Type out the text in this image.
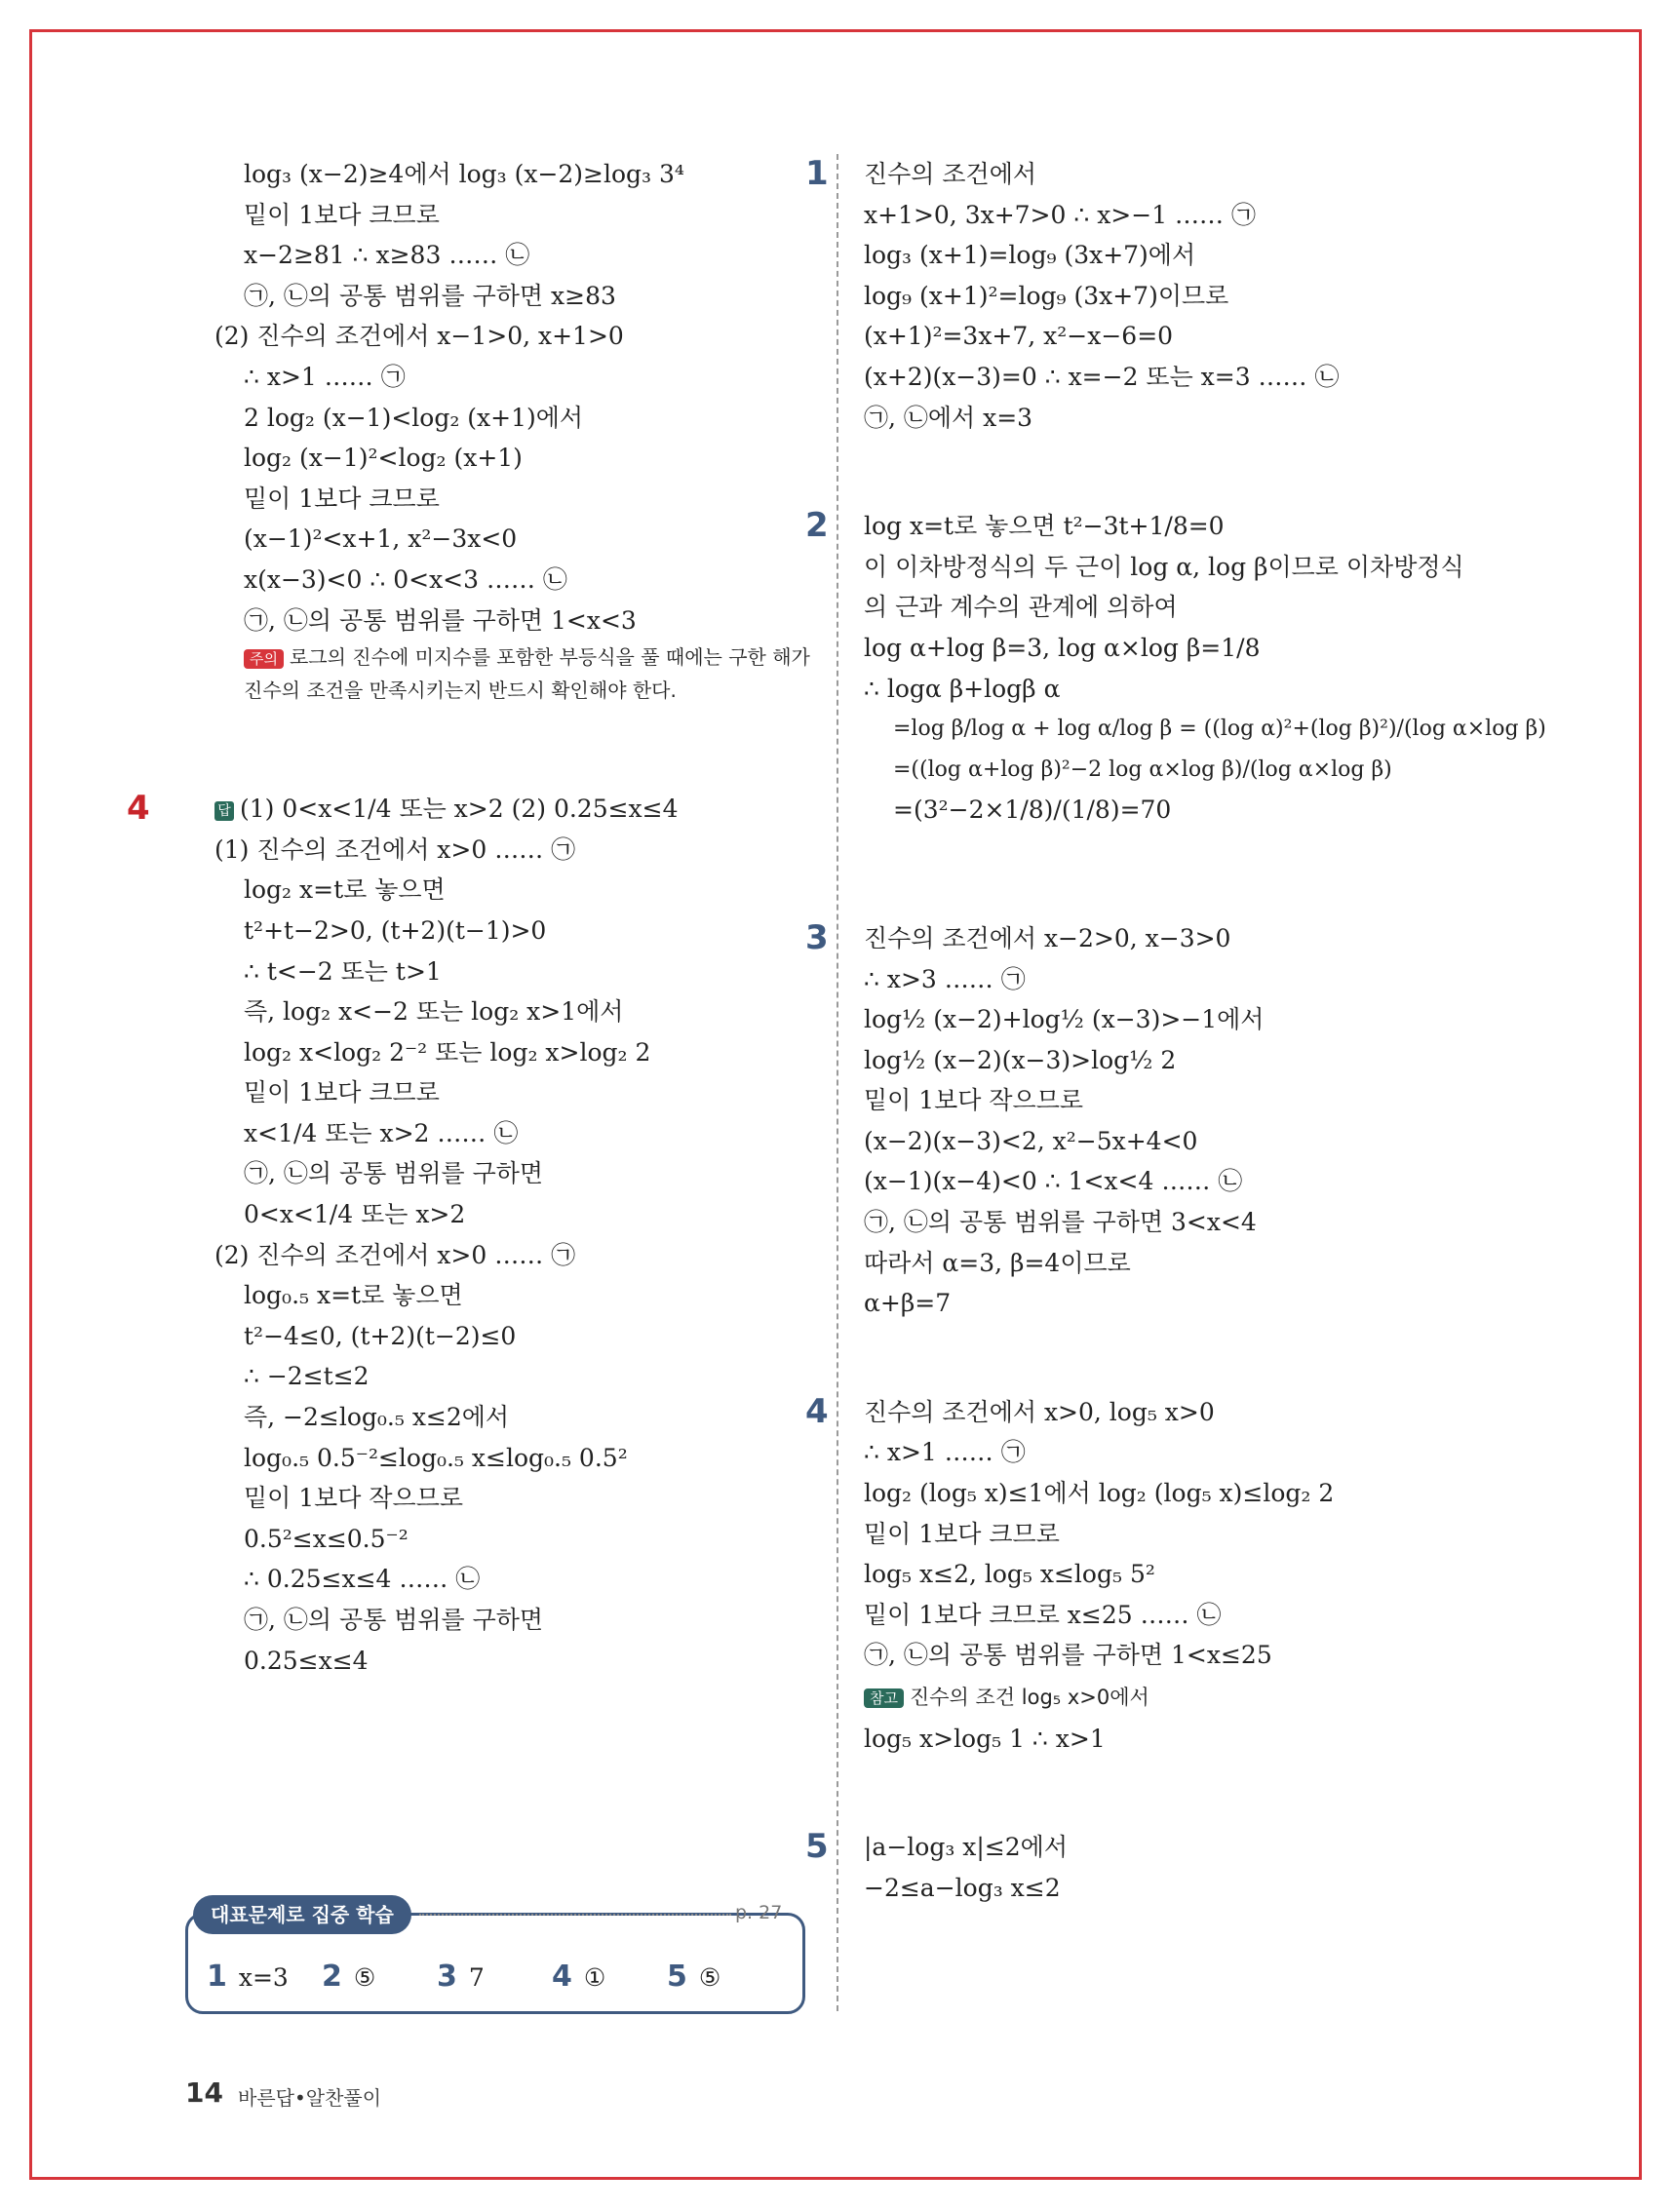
log₃ (x−2)≥4에서 log₃ (x−2)≥log₃ 3⁴
밑이 1보다 크므로
x−2≥81 ∴ x≥83 …… ㉡
㉠, ㉡의 공통 범위를 구하면 x≥83
(2) 진수의 조건에서 x−1>0, x+1>0
∴ x>1 …… ㉠
2 log₂ (x−1)<log₂ (x+1)에서
log₂ (x−1)²<log₂ (x+1)
밑이 1보다 크므로
(x−1)²<x+1, x²−3x<0
x(x−3)<0 ∴ 0<x<3 …… ㉡
㉠, ㉡의 공통 범위를 구하면 1<x<3
주의 로그의 진수에 미지수를 포함한 부등식을 풀 때에는 구한 해가 진수의 조건을 만족시키는지 반드시 확인해야 한다.
4	답 (1) 0<x<1/4 또는 x>2 (2) 0.25≤x≤4
(1) 진수의 조건에서 x>0 …… ㉠
log₂ x=t로 놓으면
t²+t−2>0, (t+2)(t−1)>0
∴ t<−2 또는 t>1
즉, log₂ x<−2 또는 log₂ x>1에서
log₂ x<log₂ 2⁻² 또는 log₂ x>log₂ 2
밑이 1보다 크므로
x<1/4 또는 x>2 …… ㉡
㉠, ㉡의 공통 범위를 구하면
0<x<1/4 또는 x>2
(2) 진수의 조건에서 x>0 …… ㉠
log₀.₅ x=t로 놓으면
t²−4≤0, (t+2)(t−2)≤0
∴ −2≤t≤2
즉, −2≤log₀.₅ x≤2에서
log₀.₅ 0.5⁻²≤log₀.₅ x≤log₀.₅ 0.5²
밑이 1보다 작으므로
0.5²≤x≤0.5⁻²
∴ 0.25≤x≤4 …… ㉡
㉠, ㉡의 공통 범위를 구하면
0.25≤x≤4
대표문제로 집중 학습	p. 27
1 x=3 2 ⑤ 3 7 4 ① 5 ⑤
1 진수의 조건에서
x+1>0, 3x+7>0 ∴ x>−1 …… ㉠
log₃ (x+1)=log₉ (3x+7)에서
log₉ (x+1)²=log₉ (3x+7)이므로
(x+1)²=3x+7, x²−x−6=0
(x+2)(x−3)=0 ∴ x=−2 또는 x=3 …… ㉡
㉠, ㉡에서 x=3
2 log x=t로 놓으면 t²−3t+1/8=0
이 이차방정식의 두 근이 log α, log β이므로 이차방정식
의 근과 계수의 관계에 의하여
log α+log β=3, log α×log β=1/8
∴ logα β+logβ α
=log β/log α + log α/log β = ((log α)²+(log β)²)/(log α×log β)
=((log α+log β)²−2 log α×log β)/(log α×log β)
=(3²−2×1/8)/(1/8)=70
3 진수의 조건에서 x−2>0, x−3>0
∴ x>3 …… ㉠
log½ (x−2)+log½ (x−3)>−1에서
log½ (x−2)(x−3)>log½ 2
밑이 1보다 작으므로
(x−2)(x−3)<2, x²−5x+4<0
(x−1)(x−4)<0 ∴ 1<x<4 …… ㉡
㉠, ㉡의 공통 범위를 구하면 3<x<4
따라서 α=3, β=4이므로
α+β=7
4 진수의 조건에서 x>0, log₅ x>0
∴ x>1 …… ㉠
log₂ (log₅ x)≤1에서 log₂ (log₅ x)≤log₂ 2
밑이 1보다 크므로
log₅ x≤2, log₅ x≤log₅ 5²
밑이 1보다 크므로 x≤25 …… ㉡
㉠, ㉡의 공통 범위를 구하면 1<x≤25
참고 진수의 조건 log₅ x>0에서
log₅ x>log₅ 1 ∴ x>1
5 |a−log₃ x|≤2에서
−2≤a−log₃ x≤2
14 바른답•알찬풀이
